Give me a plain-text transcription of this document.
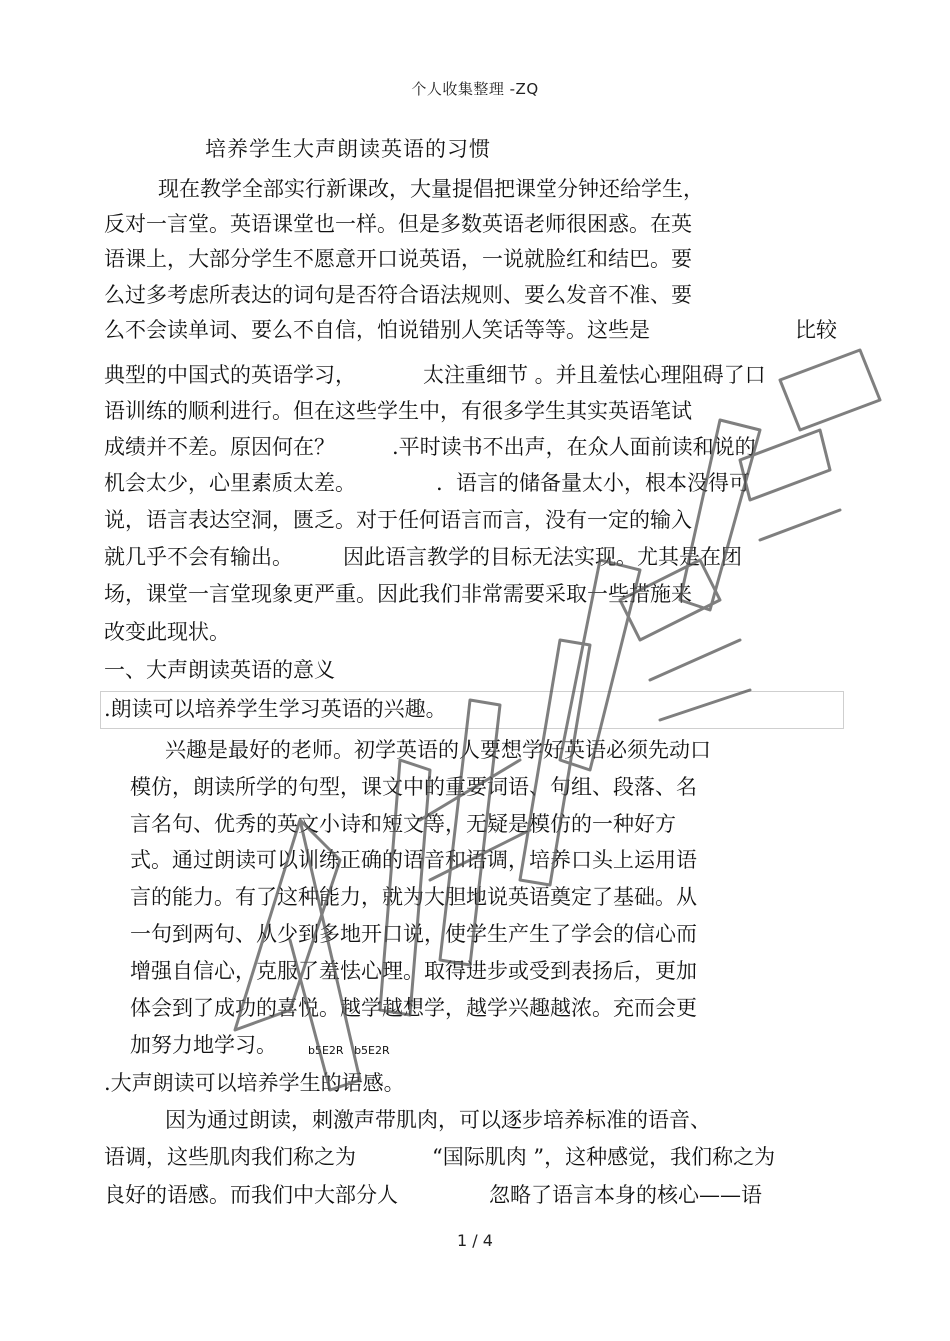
个人收集整理 -ZQ
培养学生大声朗读英语的习惯
现在教学全部实行新课改，大量提倡把课堂分钟还给学生，
反对一言堂。英语课堂也一样。但是多数英语老师很困惑。在英
语课上，大部分学生不愿意开口说英语，一说就脸红和结巴。要
么过多考虑所表达的词句是否符合语法规则、要么发音不准、要
么不会读单词、要么不自信，怕说错别人笑话等等。这些是	比较
典型的中国式的英语学习，	太注重细节 。并且羞怯心理阻碍了口
语训练的顺利进行。但在这些学生中，有很多学生其实英语笔试
成绩并不差。原因何在？	.平时读书不出声，在众人面前读和说的
机会太少，心里素质太差。	.  语言的储备量太小，根本没得可
说，语言表达空洞，匮乏。对于任何语言而言，没有一定的输入
就几乎不会有输出。 因此语言教学的目标无法实现。尤其是在团
场，课堂一言堂现象更严重。因此我们非常需要采取一些措施来
改变此现状。
一、大声朗读英语的意义
.朗读可以培养学生学习英语的兴趣。
兴趣是最好的老师。初学英语的人要想学好英语必须先动口
模仿，朗读所学的句型，课文中的重要词语、句组、段落、名
言名句、优秀的英文小诗和短文等，无疑是模仿的一种好方
式。通过朗读可以训练正确的语音和语调，培养口头上运用语
言的能力。有了这种能力，就为大胆地说英语奠定了基础。从
一句到两句、从少到多地开口说，使学生产生了学会的信心而
增强自信心，克服了羞怯心理。取得进步或受到表扬后，更加
体会到了成功的喜悦。越学越想学，越学兴趣越浓。充而会更
加努力地学习。	b5E2R   b5E2R
.大声朗读可以培养学生的语感。
因为通过朗读，刺激声带肌肉，可以逐步培养标准的语音、
语调，这些肌肉我们称之为	“国际肌肉 ”，这种感觉，我们称之为
良好的语感。而我们中大部分人	忽略了语言本身的核心——语
1 / 4
